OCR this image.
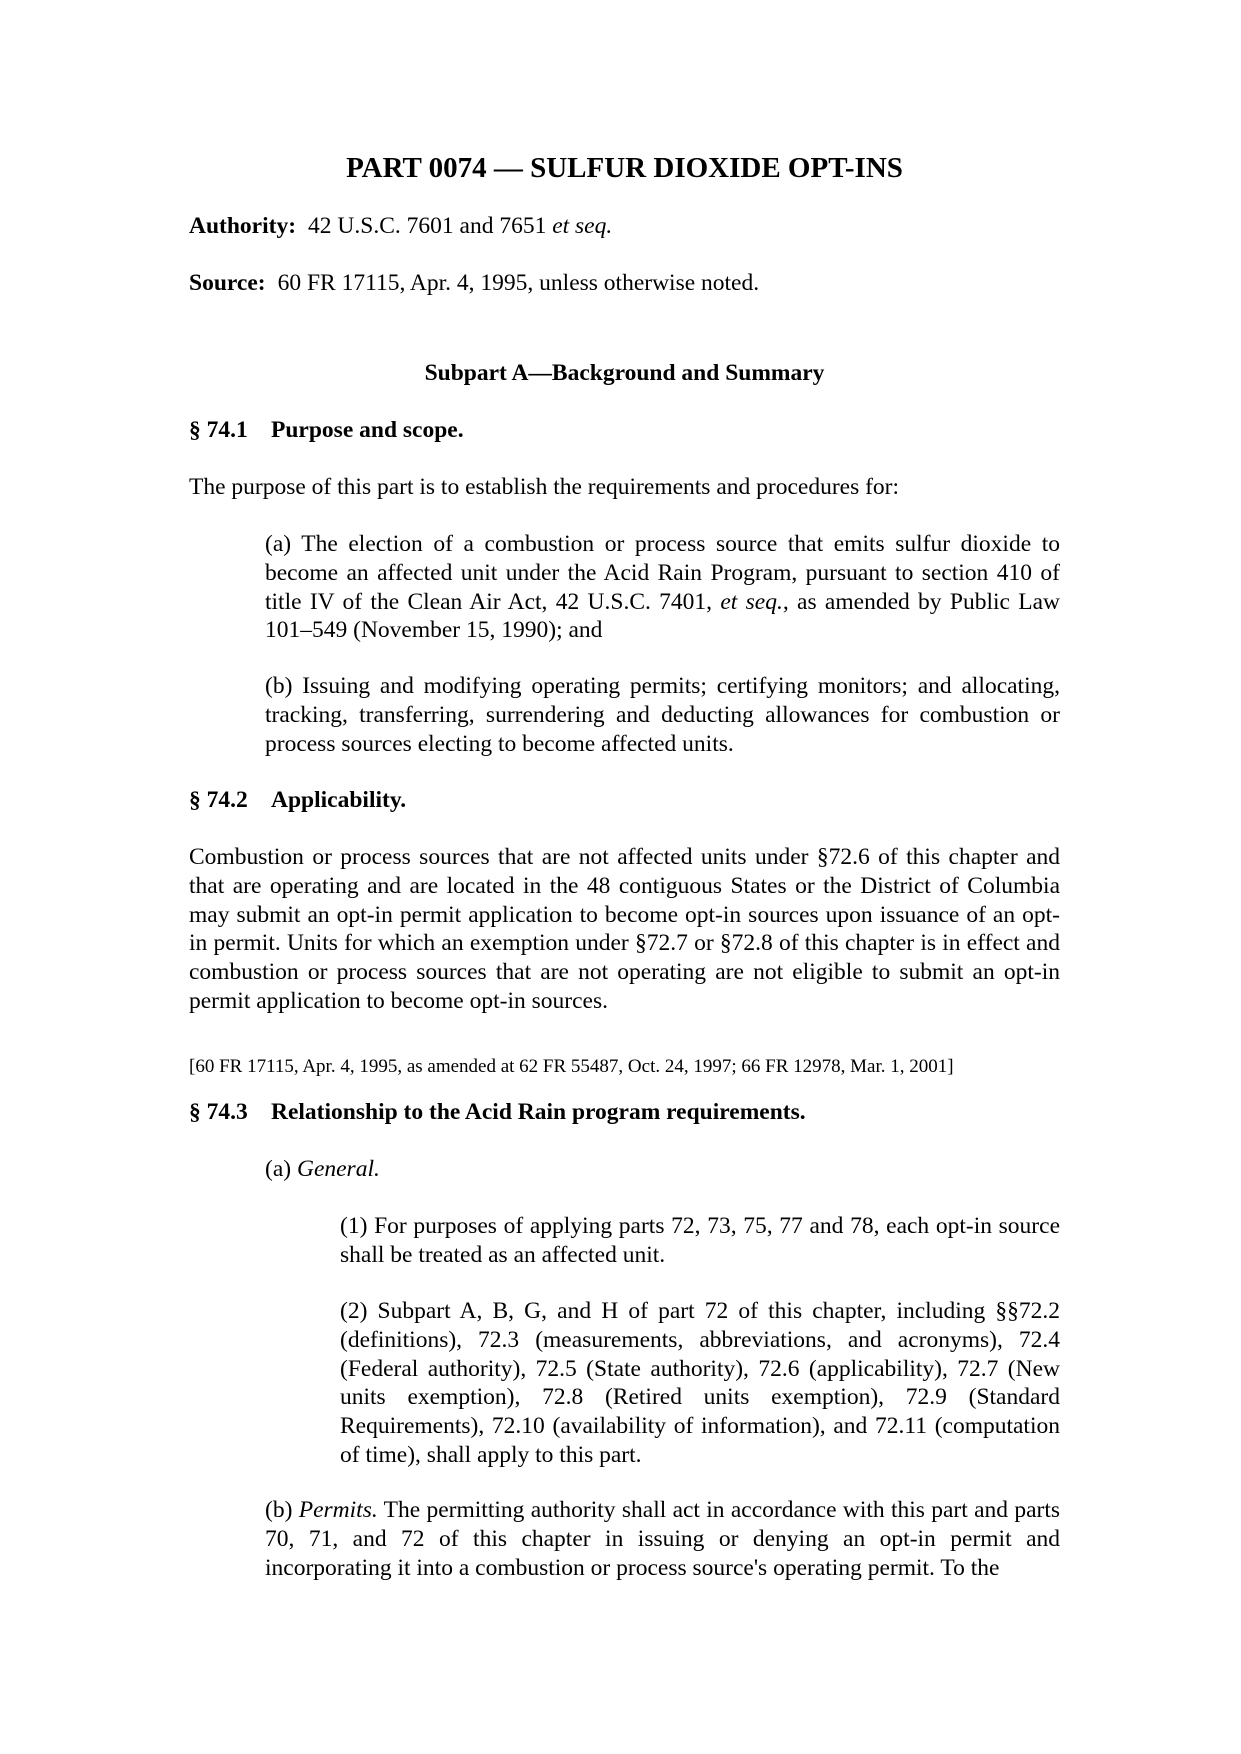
PART 0074 — SULFUR DIOXIDE OPT-INS
Authority: 42 U.S.C. 7601 and 7651 et seq.
Source: 60 FR 17115, Apr. 4, 1995, unless otherwise noted.
Subpart A—Background and Summary
§ 74.1 Purpose and scope.
The purpose of this part is to establish the requirements and procedures for:
(a) The election of a combustion or process source that emits sulfur dioxide to become an affected unit under the Acid Rain Program, pursuant to section 410 of title IV of the Clean Air Act, 42 U.S.C. 7401, et seq., as amended by Public Law 101–549 (November 15, 1990); and
(b) Issuing and modifying operating permits; certifying monitors; and allocating, tracking, transferring, surrendering and deducting allowances for combustion or process sources electing to become affected units.
§ 74.2 Applicability.
Combustion or process sources that are not affected units under §72.6 of this chapter and that are operating and are located in the 48 contiguous States or the District of Columbia may submit an opt-in permit application to become opt-in sources upon issuance of an opt-in permit. Units for which an exemption under §72.7 or §72.8 of this chapter is in effect and combustion or process sources that are not operating are not eligible to submit an opt-in permit application to become opt-in sources.
[60 FR 17115, Apr. 4, 1995, as amended at 62 FR 55487, Oct. 24, 1997; 66 FR 12978, Mar. 1, 2001]
§ 74.3 Relationship to the Acid Rain program requirements.
(a) General.
(1) For purposes of applying parts 72, 73, 75, 77 and 78, each opt-in source shall be treated as an affected unit.
(2) Subpart A, B, G, and H of part 72 of this chapter, including §§72.2 (definitions), 72.3 (measurements, abbreviations, and acronyms), 72.4 (Federal authority), 72.5 (State authority), 72.6 (applicability), 72.7 (New units exemption), 72.8 (Retired units exemption), 72.9 (Standard Requirements), 72.10 (availability of information), and 72.11 (computation of time), shall apply to this part.
(b) Permits. The permitting authority shall act in accordance with this part and parts 70, 71, and 72 of this chapter in issuing or denying an opt-in permit and incorporating it into a combustion or process source's operating permit. To the
